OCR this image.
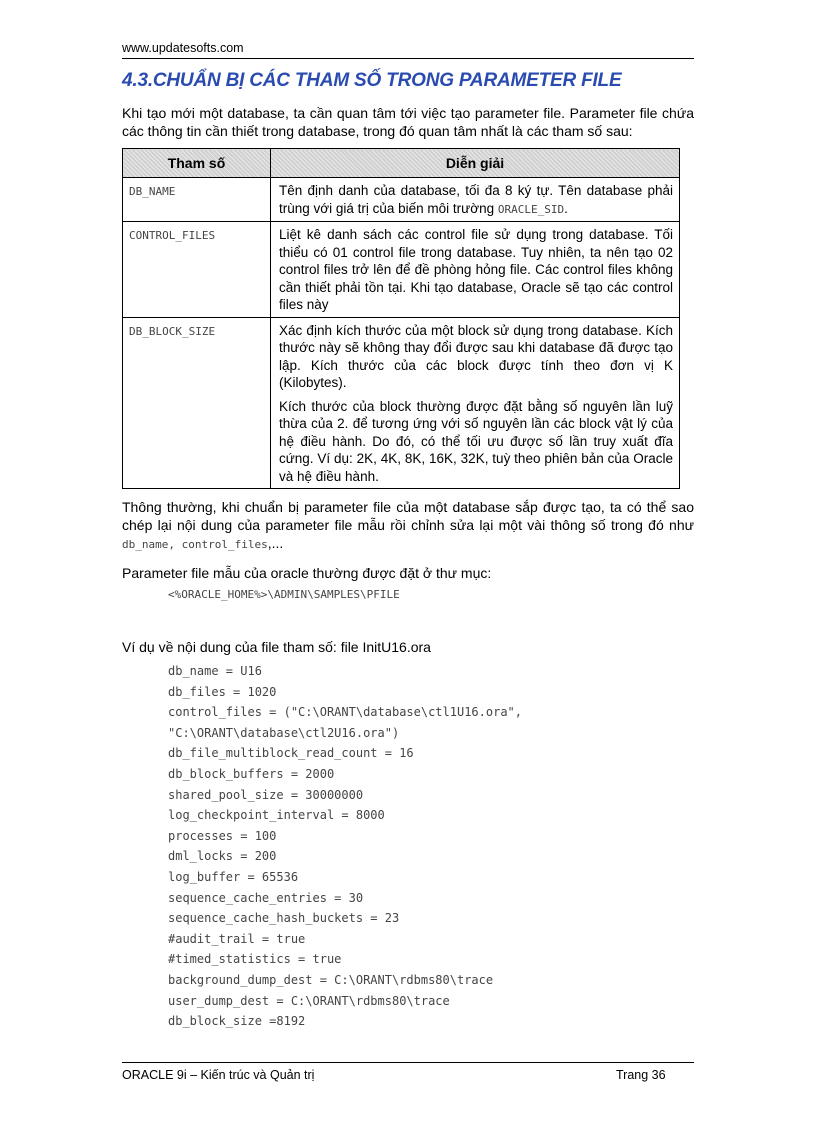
www.updatesofts.com
4.3.CHUẨN BỊ CÁC THAM SỐ TRONG PARAMETER FILE
Khi tạo mới một database, ta cần quan tâm tới việc tạo parameter file. Parameter file chứa các thông tin cần thiết trong database, trong đó quan tâm nhất là các tham số sau:
Tham số	Diễn giải
DB_NAME	Tên định danh của database, tối đa 8 ký tự. Tên database phải trùng với giá trị của biến môi trường ORACLE_SID.
CONTROL_FILES	Liệt kê danh sách các control file sử dụng trong database. Tối thiểu có 01 control file trong database. Tuy nhiên, ta nên tạo 02 control files trở lên để đề phòng hỏng file. Các control files không cần thiết phải tồn tại. Khi tạo database, Oracle sẽ tạo các control files này
DB_BLOCK_SIZE	Xác định kích thước của một block sử dụng trong database. Kích thước này sẽ không thay đổi được sau khi database đã được tạo lập. Kích thước của các block được tính theo đơn vị K (Kilobytes).

Kích thước của block thường được đặt bằng số nguyên lần luỹ thừa của 2. để tương ứng với số nguyên lần các block vật lý của hệ điều hành. Do đó, có thể tối ưu được số lần truy xuất đĩa cứng. Ví dụ: 2K, 4K, 8K, 16K, 32K, tuỳ theo phiên bản của Oracle và hệ điều hành.

Thông thường, khi chuẩn bị parameter file của một database sắp được tạo, ta có thể sao chép lại nội dung của parameter file mẫu rồi chỉnh sửa lại một vài thông số trong đó như db_name, control_files,...
Parameter file mẫu của oracle thường được đặt ở thư mục:
<%ORACLE_HOME%>\ADMIN\SAMPLES\PFILE
Ví dụ về nội dung của file tham số: file InitU16.ora
db_name = U16
db_files = 1020
control_files = ("C:\ORANT\database\ctl1U16.ora",
"C:\ORANT\database\ctl2U16.ora")
db_file_multiblock_read_count = 16
db_block_buffers = 2000
shared_pool_size = 30000000
log_checkpoint_interval = 8000
processes = 100
dml_locks = 200
log_buffer = 65536
sequence_cache_entries = 30
sequence_cache_hash_buckets = 23
#audit_trail = true
#timed_statistics = true
background_dump_dest = C:\ORANT\rdbms80\trace
user_dump_dest = C:\ORANT\rdbms80\trace
db_block_size =8192
ORACLE 9i – Kiến trúc và Quản trị	Trang 36
